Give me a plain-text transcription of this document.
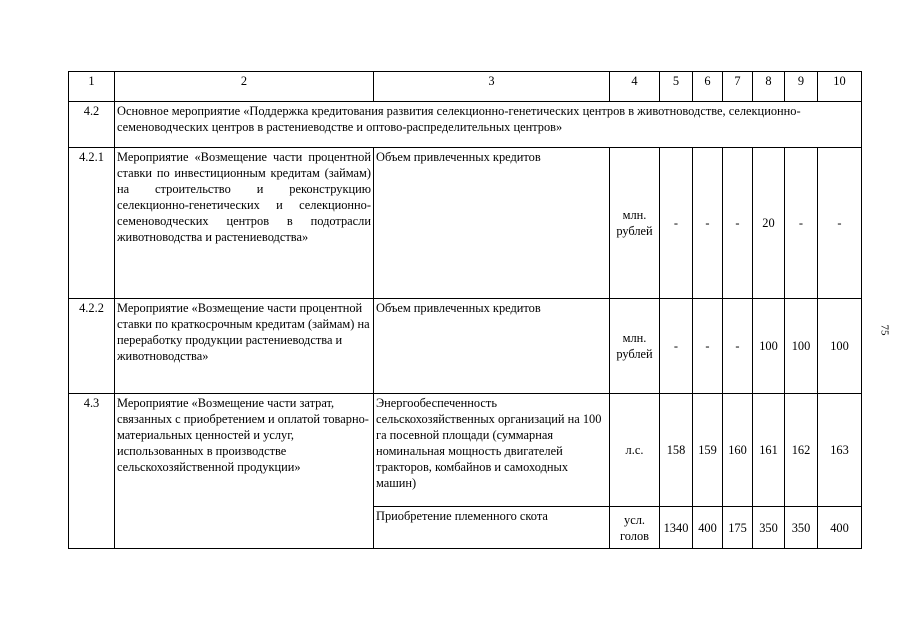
1	2	3	4	5	6	7	8	9	10
4.2	Основное мероприятие «Поддержка кредитования развития селекционно-генетических центров в животноводстве, селекционно-семеноводческих центров в растениеводстве и оптово-распределительных центров»								
4.2.1	Мероприятие «Возмещение части процентной ставки по инвестиционным кредитам (займам) на строительство и реконструкцию селекционно-генетических и селекционно-семеноводческих центров в подотрасли животноводства и растениеводства»	Объем привлеченных кредитов	млн. рублей	-	-	-	20	-	-
4.2.2	Мероприятие «Возмещение части процентной ставки по краткосрочным кредитам (займам) на переработку продукции растениеводства и животноводства»	Объем привлеченных кредитов	млн. рублей	-	-	-	100	100	100
4.3	Мероприятие «Возмещение части затрат, связанных с приобретением и оплатой товарно-материальных ценностей и услуг, использованных в производстве сельскохозяйственной продукции»	Энергообеспеченность сельскохозяйственных организаций на 100 га посевной площади (суммарная номинальная мощность двигателей тракторов, комбайнов и самоходных машин)	л.с.	158	159	160	161	162	163
		Приобретение племенного скота	усл. голов	1340	400	175	350	350	400
75
